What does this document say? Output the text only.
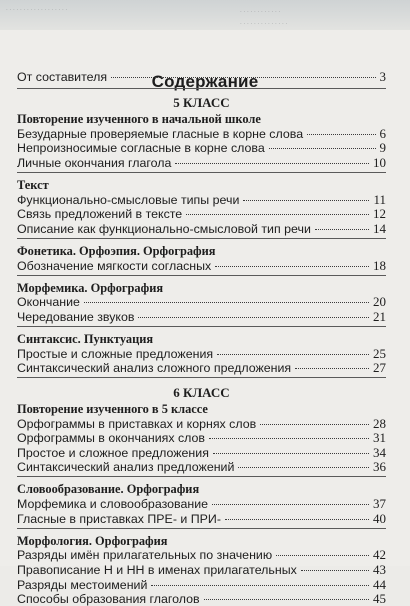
. . . . . . . . . . . . . . . . . .	. . . . . . . . . . . .
. . . . . . . . . . . . . .
Содержание
От составителя	3
5 КЛАСС
Повторение изученного в начальной школе
Безударные проверяемые гласные в корне слова	6
Непроизносимые согласные в корне слова	9
Личные окончания глагола	10
Текст
Функционально-смысловые типы речи	11
Связь предложений в тексте	12
Описание как функционально-смысловой тип речи	14
Фонетика. Орфоэпия. Орфография
Обозначение мягкости согласных	18
Морфемика. Орфография
Окончание	20
Чередование звуков	21
Синтаксис. Пунктуация
Простые и сложные предложения	25
Синтаксический анализ сложного предложения	27
6 КЛАСС
Повторение изученного в 5 классе
Орфограммы в приставках и корнях слов	28
Орфограммы в окончаниях слов	31
Простое и сложное предложения	34
Синтаксический анализ предложений	36
Словообразование. Орфография
Морфемика и словообразование	37
Гласные в приставках ПРЕ- и ПРИ-	40
Морфология. Орфография
Разряды имён прилагательных по значению	42
Правописание Н и НН в именах прилагательных	43
Разряды местоимений	44
Способы образования глаголов	45
